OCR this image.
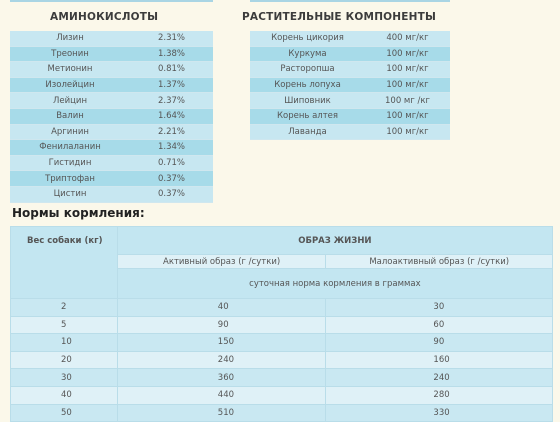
АМИНОКИСЛОТЫ	РАСТИТЕЛЬНЫЕ КОМПОНЕНТЫ
Лизин	2.31%
Треонин	1.38%
Метионин	0.81%
Изолейцин	1.37%
Лейцин	2.37%
Валин	1.64%
Аргинин	2.21%
Фенилаланин	1.34%
Гистидин	0.71%
Триптофан	0.37%
Цистин	0.37%
Корень цикория	400 мг/кг
Куркума	100 мг/кг
Расторопша	100 мг/кг
Корень лопуха	100 мг/кг
Шиповник	100 мг /кг
Корень алтея	100 мг/кг
Лаванда	100 мг/кг
Нормы кормления:
Вес собаки (кг)	ОБРАЗ ЖИЗНИ	
	Активный образ (г /сутки)	Малоактивный образ (г /сутки)
	суточная норма кормления в граммах	
2	40	30
5	90	60
10	150	90
20	240	160
30	360	240
40	440	280
50	510	330
